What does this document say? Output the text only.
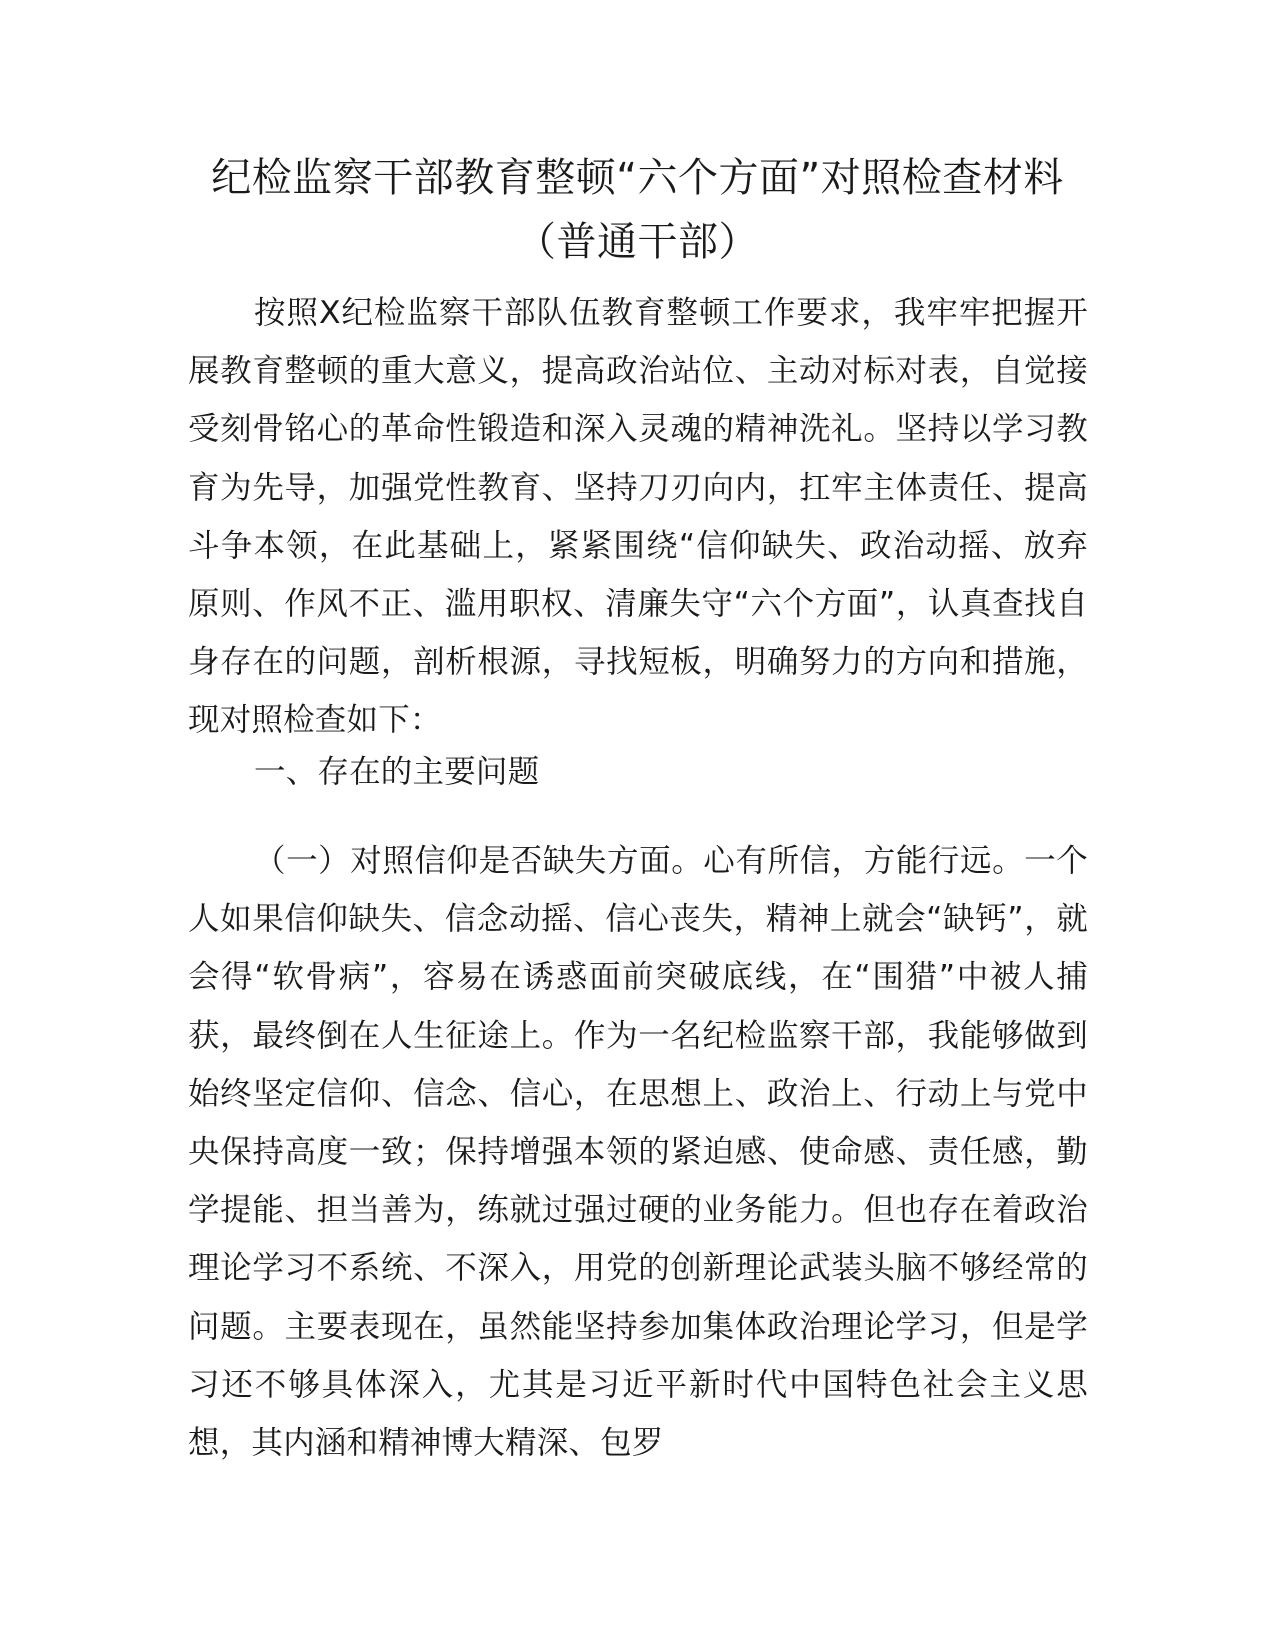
纪检监察干部教育整顿“六个方面”对照检查材料（普通干部）

按照X纪检监察干部队伍教育整顿工作要求，我牢牢把握开展教育整顿的重大意义，提高政治站位、主动对标对表，自觉接受刻骨铭心的革命性锻造和深入灵魂的精神洗礼。坚持以学习教育为先导，加强党性教育、坚持刀刃向内，扛牢主体责任、提高斗争本领，在此基础上，紧紧围绕“信仰缺失、政治动摇、放弃原则、作风不正、滥用职权、清廉失守“六个方面”，认真查找自身存在的问题，剖析根源，寻找短板，明确努力的方向和措施，现对照检查如下：

一、存在的主要问题

（一）对照信仰是否缺失方面。心有所信，方能行远。一个人如果信仰缺失、信念动摇、信心丧失，精神上就会“缺钙”，就会得“软骨病”，容易在诱惑面前突破底线，在“围猎”中被人捕获，最终倒在人生征途上。作为一名纪检监察干部，我能够做到始终坚定信仰、信念、信心，在思想上、政治上、行动上与党中央保持高度一致；保持增强本领的紧迫感、使命感、责任感，勤学提能、担当善为，练就过强过硬的业务能力。但也存在着政治理论学习不系统、不深入，用党的创新理论武装头脑不够经常的问题。主要表现在，虽然能坚持参加集体政治理论学习，但是学习还不够具体深入，尤其是习近平新时代中国特色社会主义思想，其内涵和精神博大精深、包罗
